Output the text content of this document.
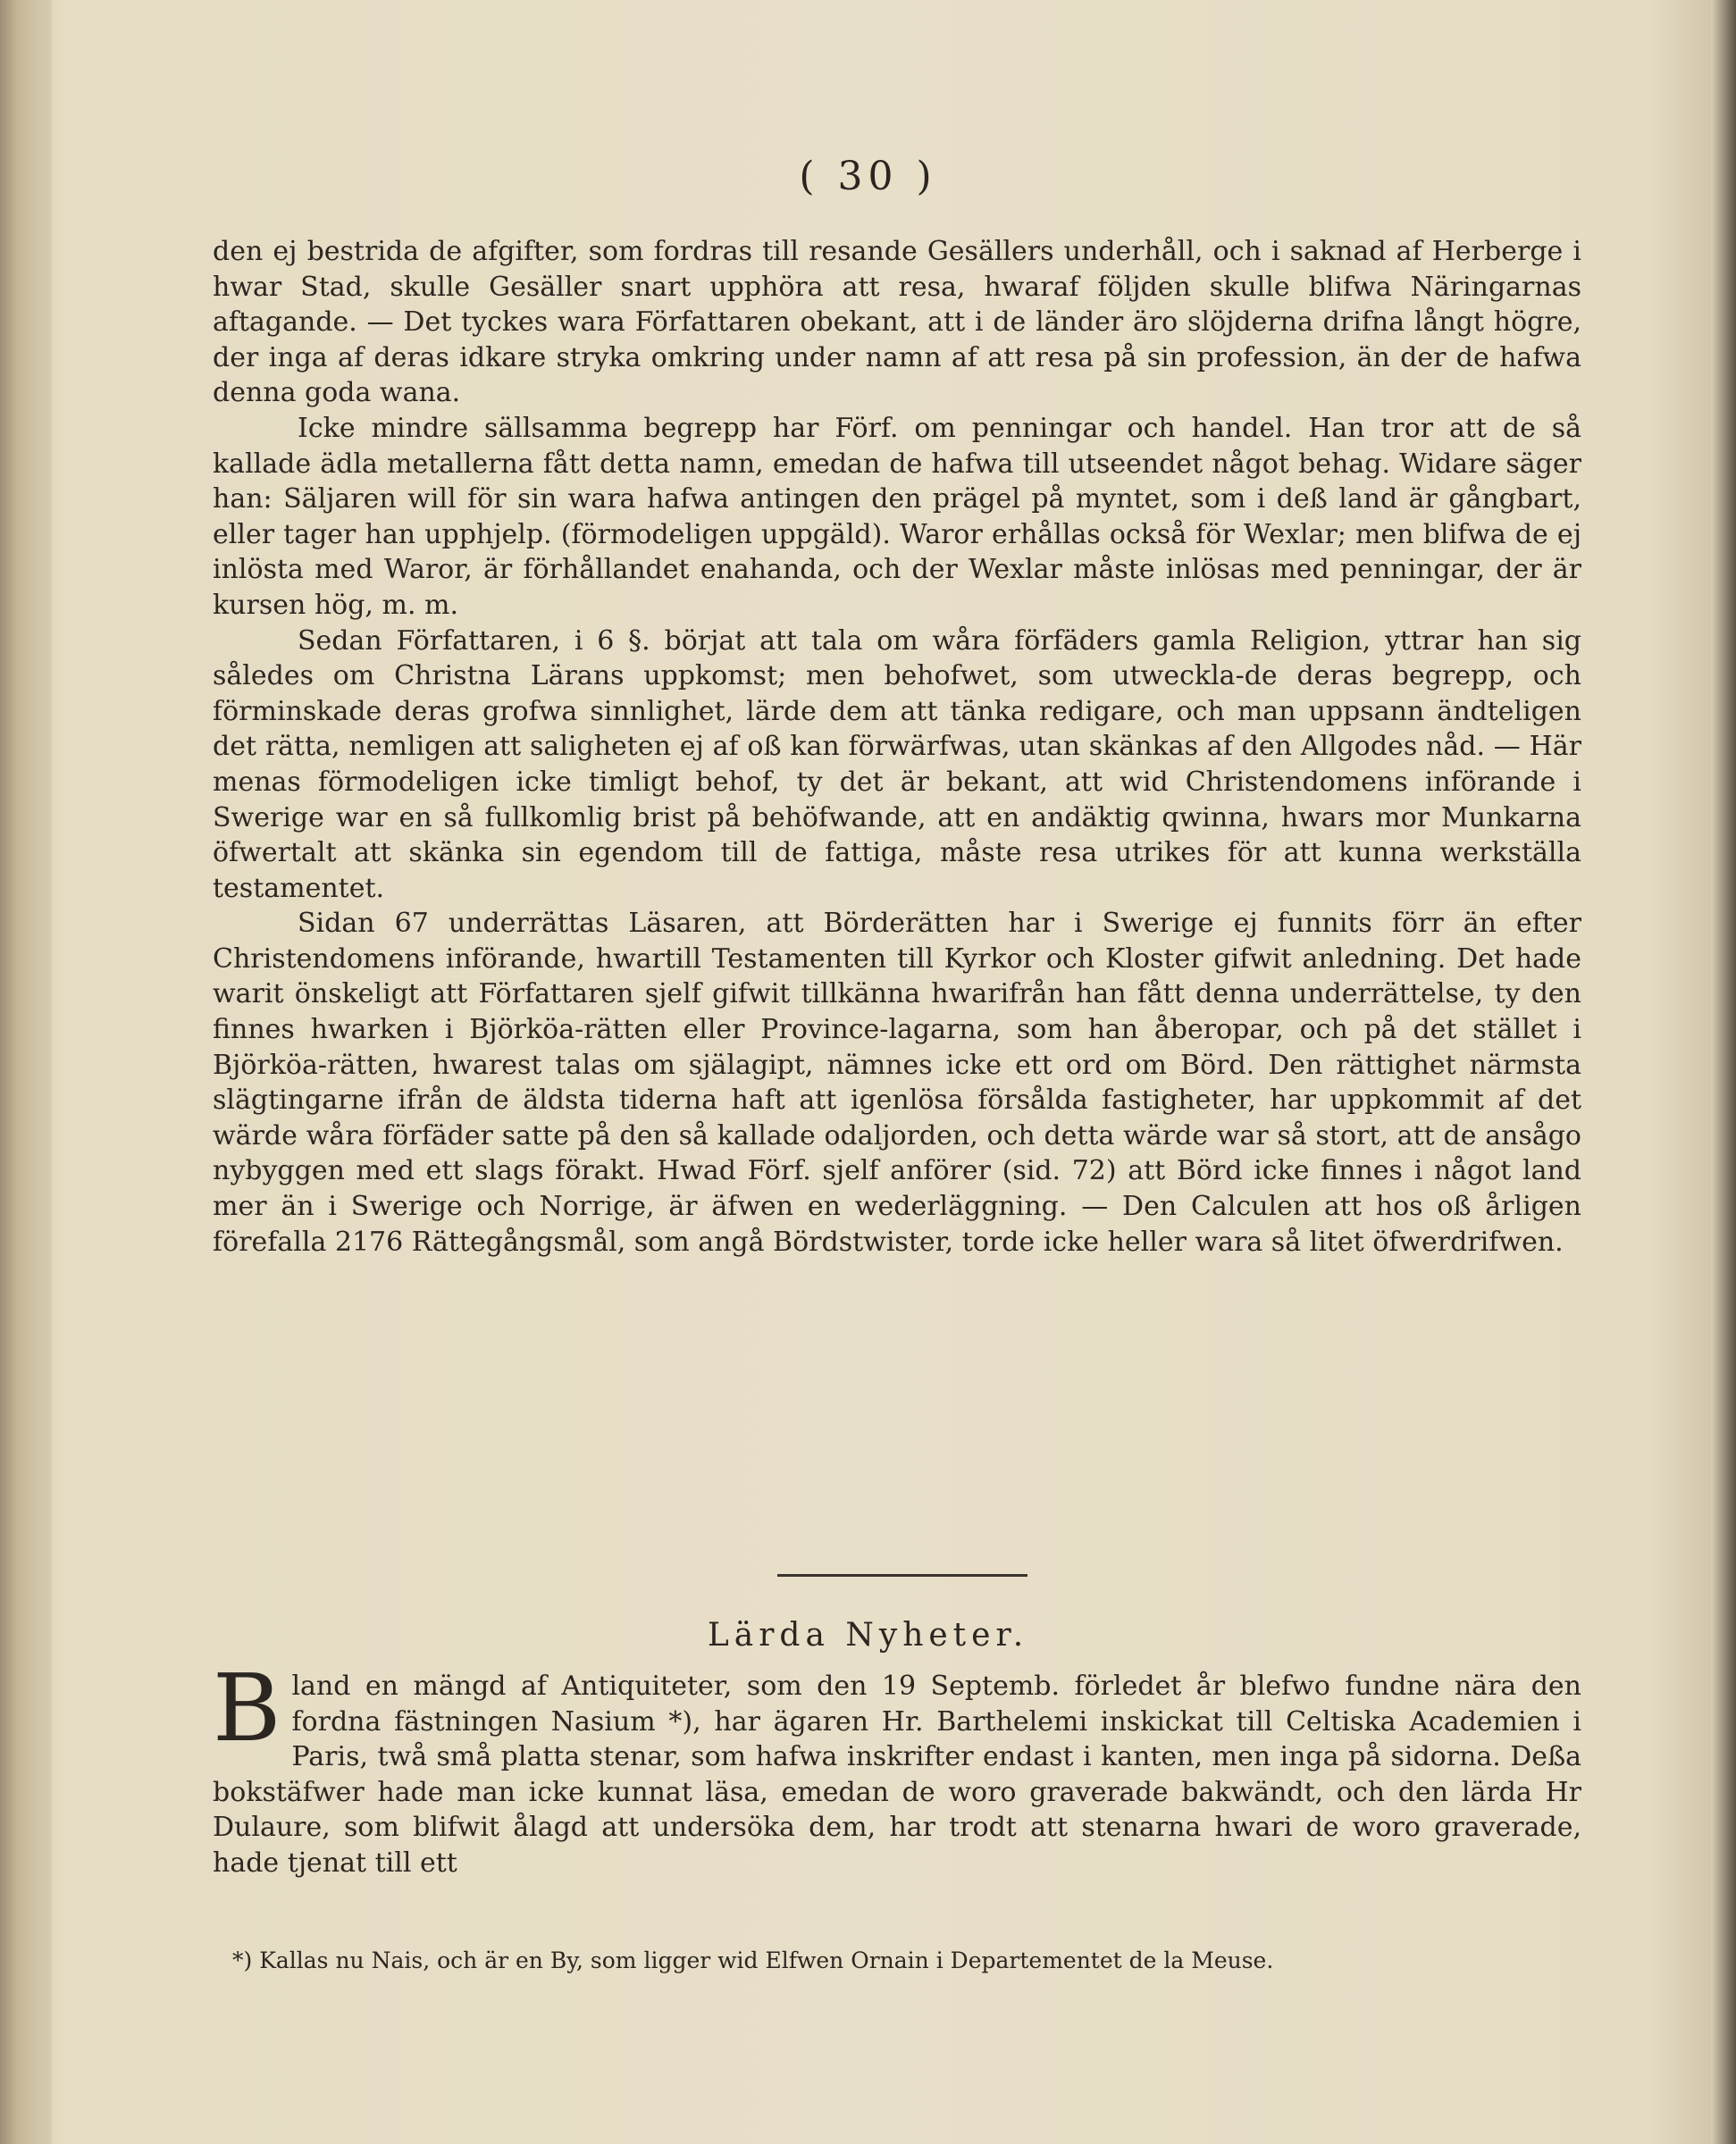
( 30 )

den ej bestrida de afgifter, som fordras till resande Gesällers underhåll, och i saknad af Herberge i hwar Stad, skulle Gesäller snart upphöra att resa, hwaraf följden skulle blifwa Näringarnas aftagande. — Det tyckes wara Författaren obekant, att i de länder äro slöjderna drifna långt högre, der inga af deras idkare stryka omkring under namn af att resa på sin profession, än der de hafwa denna goda wana.

Icke mindre sällsamma begrepp har Förf. om penningar och handel. Han tror att de så kallade ädla metallerna fått detta namn, emedan de hafwa till utseendet något behag. Widare säger han: Säljaren will för sin wara hafwa antingen den prägel på myntet, som i deß land är gångbart, eller tager han upphjelp. (förmodeligen uppgäld). Waror erhållas också för Wexlar; men blifwa de ej inlösta med Waror, är förhållandet enahanda, och der Wexlar måste inlösas med penningar, der är kursen hög, m. m.

Sedan Författaren, i 6 §. börjat att tala om wåra förfäders gamla Religion, yttrar han sig således om Christna Lärans uppkomst; men behofwet, som utweckla-de deras begrepp, och förminskade deras grofwa sinnlighet, lärde dem att tänka redigare, och man uppsann ändteligen det rätta, nemligen att saligheten ej af oß kan förwärfwas, utan skänkas af den Allgodes nåd. — Här menas förmodeligen icke timligt behof, ty det är bekant, att wid Christendomens införande i Swerige war en så fullkomlig brist på behöfwande, att en andäktig qwinna, hwars mor Munkarna öfwertalt att skänka sin egendom till de fattiga, måste resa utrikes för att kunna werkställa testamentet.

Sidan 67 underrättas Läsaren, att Börderätten har i Swerige ej funnits förr än efter Christendomens införande, hwartill Testamenten till Kyrkor och Kloster gifwit anledning. Det hade warit önskeligt att Författaren sjelf gifwit tillkänna hwarifrån han fått denna underrättelse, ty den finnes hwarken i Björköa-rätten eller Province-lagarna, som han åberopar, och på det stället i Björköa-rätten, hwarest talas om själagipt, nämnes icke ett ord om Börd. Den rättighet närmsta slägtingarne ifrån de äldsta tiderna haft att igenlösa försålda fastigheter, har uppkommit af det wärde wåra förfäder satte på den så kallade odaljorden, och detta wärde war så stort, att de ansågo nybyggen med ett slags förakt. Hwad Förf. sjelf anförer (sid. 72) att Börd icke finnes i något land mer än i Swerige och Norrige, är äfwen en wederläggning. — Den Calculen att hos oß årligen förefalla 2176 Rättegångsmål, som angå Bördstwister, torde icke heller wara så litet öfwerdrifwen.

Lärda Nyheter.
Bland en mängd af Antiquiteter, som den 19 Septemb. förledet år blefwo fundne nära den fordna fästningen Nasium *), har ägaren Hr. Barthelemi inskickat till Celtiska Academien i Paris, twå små platta stenar, som hafwa inskrifter endast i kanten, men inga på sidorna. Deßa bokstäfwer hade man icke kunnat läsa, emedan de woro graverade bakwändt, och den lärda Hr Dulaure, som blifwit ålagd att undersöka dem, har trodt att stenarna hwari de woro graverade, hade tjenat till ett
*) Kallas nu Nais, och är en By, som ligger wid Elfwen Ornain i Departementet de la Meuse.
